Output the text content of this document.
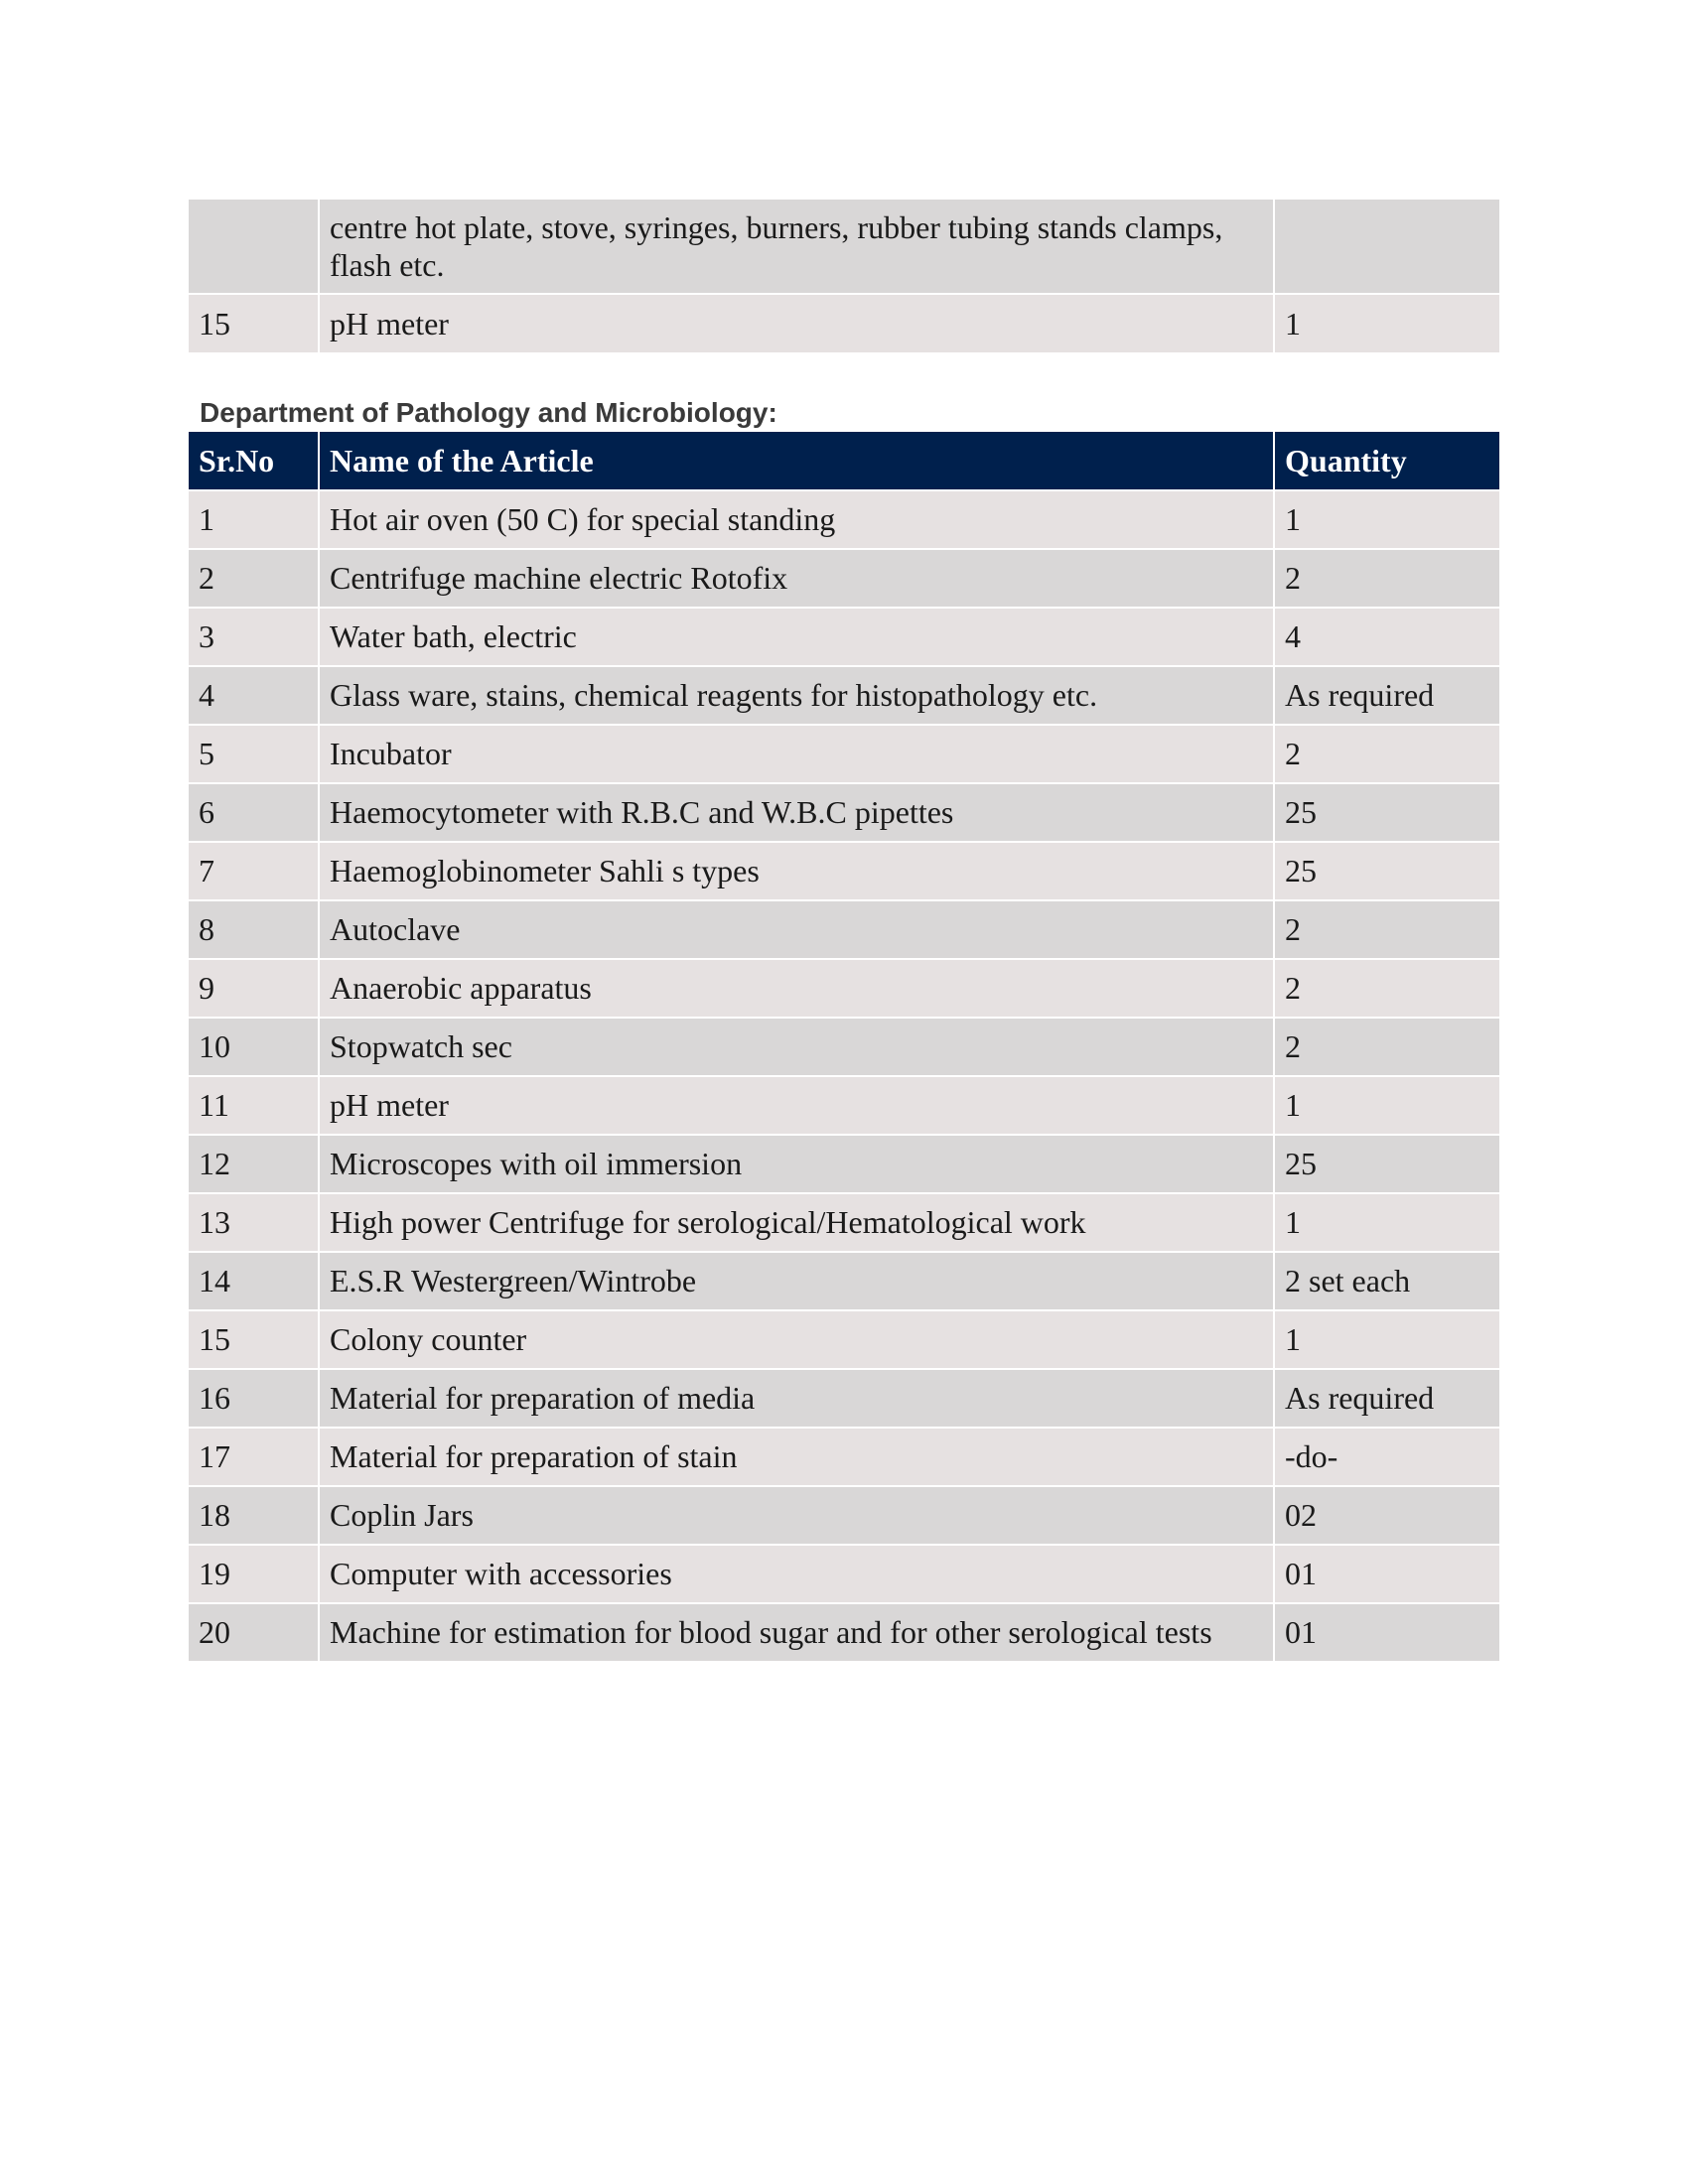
	centre hot plate, stove, syringes, burners, rubber tubing stands clamps, flash etc.	
15	pH meter	1
Department of Pathology and Microbiology:
Sr.No	Name of the Article	Quantity
1	Hot air oven (50 C) for special standing	1
2	Centrifuge machine electric Rotofix	2
3	Water bath, electric	4
4	Glass ware, stains, chemical reagents for histopathology etc.	As required
5	Incubator	2
6	Haemocytometer with R.B.C and W.B.C pipettes	25
7	Haemoglobinometer Sahli s types	25
8	Autoclave	2
9	Anaerobic apparatus	2
10	Stopwatch sec	2
11	pH meter	1
12	Microscopes with oil immersion	25
13	High power Centrifuge for serological/Hematological work	1
14	E.S.R Westergreen/Wintrobe	2 set each
15	Colony counter	1
16	Material for preparation of media	As required
17	Material for preparation of stain	-do-
18	Coplin Jars	02
19	Computer with accessories	01
20	Machine for estimation for blood sugar and for other serological tests	01
